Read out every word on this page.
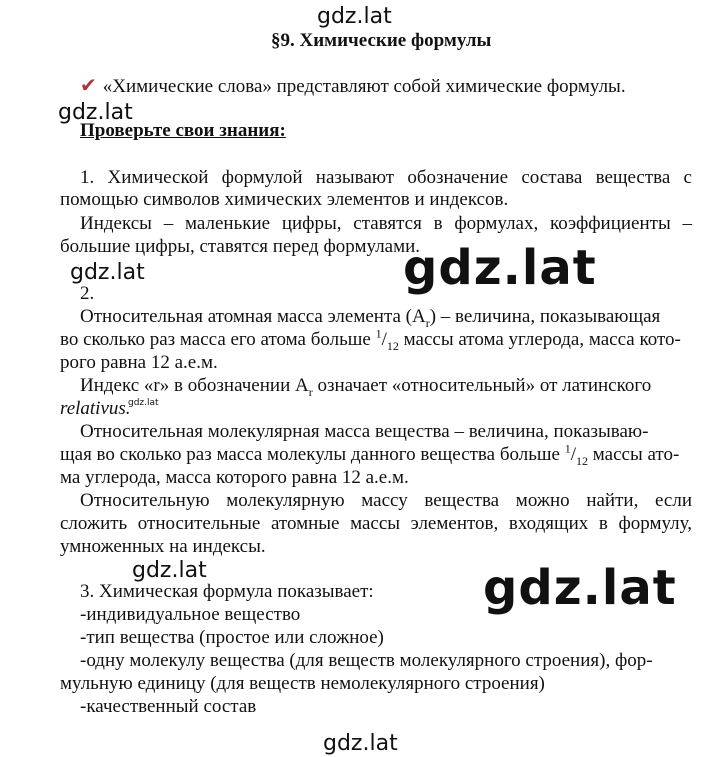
gdz.lat
gdz.lat
gdz.lat	gdz.lat
gdz.lat
gdz.lat	gdz.lat
gdz.lat
§9. Химические формулы
✔ «Химические слова» представляют собой химические формулы.
Проверьте свои знания:
1. Химической формулой называют обозначение состава вещества с
помощью символов химических элементов и индексов.
Индексы – маленькие цифры, ставятся в формулах, коэффициенты –
большие цифры, ставятся перед формулами.
2.
Относительная атомная масса элемента $(A_r)$ – величина, показывающая
во сколько раз масса его атома больше $^1/_{12}$ массы атома углерода, масса кото-
рого равна 12 а.е.м.
Индекс «r» в обозначении $A_r$ означает «относительный» от латинского
relativus.
Относительная молекулярная масса вещества – величина, показываю-
щая во сколько раз масса молекулы данного вещества больше $^1/_{12}$ массы ато-
ма углерода, масса которого равна 12 а.е.м.
Относительную молекулярную массу вещества можно найти, если
сложить относительные атомные массы элементов, входящих в формулу,
умноженных на индексы.
3. Химическая формула показывает:
-индивидуальное вещество
-тип вещества (простое или сложное)
-одну молекулу вещества (для веществ молекулярного строения), фор-
мульную единицу (для веществ немолекулярного строения)
-качественный состав
